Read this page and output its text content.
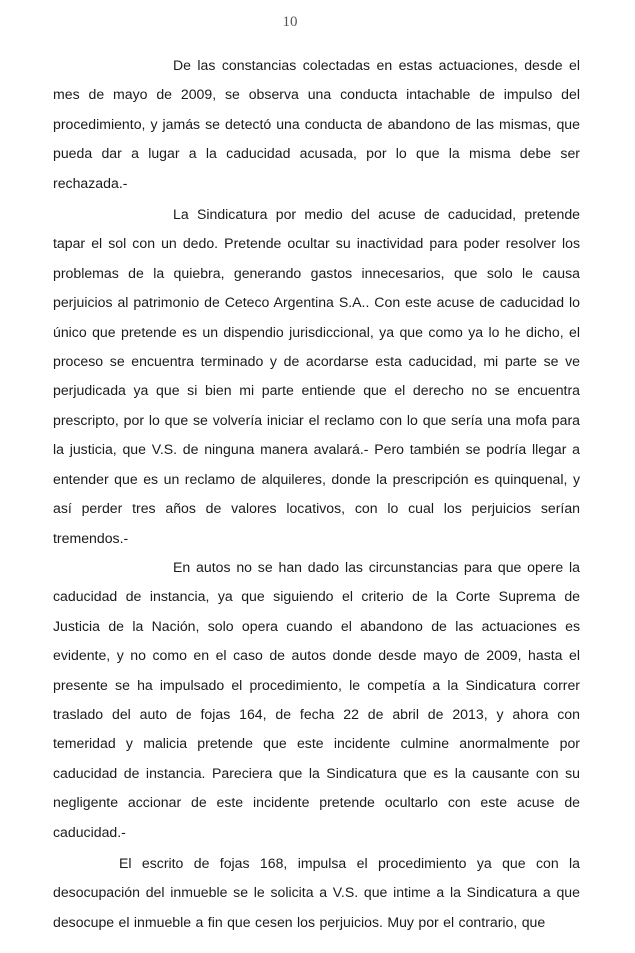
10

De las constancias colectadas en estas actuaciones, desde el mes de mayo de 2009, se observa una conducta intachable de impulso del procedimiento, y jamás se detectó una conducta de abandono de las mismas, que pueda dar a lugar a la caducidad acusada, por lo que la misma debe ser rechazada.-

La Sindicatura por medio del acuse de caducidad, pretende tapar el sol con un dedo. Pretende ocultar su inactividad para poder resolver los problemas de la quiebra, generando gastos innecesarios, que solo le causa perjuicios al patrimonio de Ceteco Argentina S.A.. Con este acuse de caducidad lo único que pretende es un dispendio jurisdiccional, ya que como ya lo he dicho, el proceso se encuentra terminado y de acordarse esta caducidad, mi parte se ve perjudicada ya que si bien mi parte entiende que el derecho no se encuentra prescripto, por lo que se volvería iniciar el reclamo con lo que sería una mofa para la justicia, que V.S. de ninguna manera avalará.- Pero también se podría llegar a entender que es un reclamo de alquileres, donde la prescripción es quinquenal, y así perder tres años de valores locativos, con lo cual los perjuicios serían tremendos.-

En autos no se han dado las circunstancias para que opere la caducidad de instancia, ya que siguiendo el criterio de la Corte Suprema de Justicia de la Nación, solo opera cuando el abandono de las actuaciones es evidente, y no como en el caso de autos donde desde mayo de 2009, hasta el presente se ha impulsado el procedimiento, le competía a la Sindicatura correr traslado del auto de fojas 164, de fecha 22 de abril de 2013, y ahora con temeridad y malicia pretende que este incidente culmine anormalmente por caducidad de instancia. Pareciera que la Sindicatura que es la causante con su negligente accionar de este incidente pretende ocultarlo con este acuse de caducidad.-

El escrito de fojas 168, impulsa el procedimiento ya que con la desocupación del inmueble se le solicita a V.S. que intime a la Sindicatura a que desocupe el inmueble a fin que cesen los perjuicios. Muy por el contrario, que
